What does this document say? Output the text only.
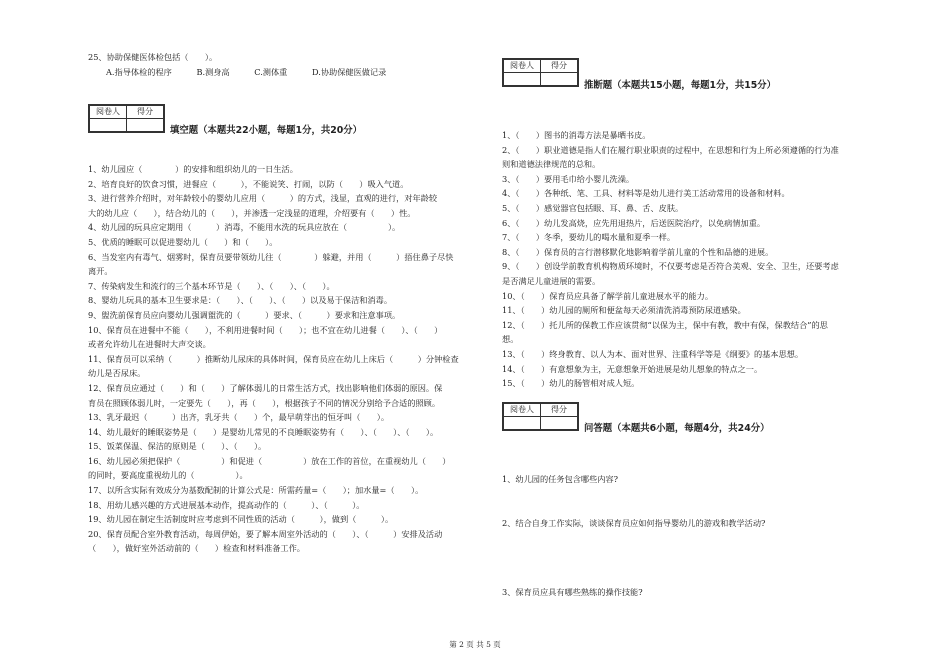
25、协助保健医体检包括（　　）。
A.指导体检的程序	B.测身高	C.测体重	D.协助保健医做记录
阅卷人	得分

填空题（本题共22小题，每题1分，共20分）
1、幼儿园应（　　　　）的安排和组织幼儿的一日生活。
2、培育良好的饮食习惯，进餐应（　　　），不能说笑、打闹，以防（　　）吸入气道。
3、进行营养介绍时，对年龄较小的婴幼儿应用（　　　）的方式，浅显，直观的进行，对年龄较
大的幼儿应（　　），结合幼儿的（　　），并渗透一定浅显的道理，介绍要有（　　）性。
4、幼儿园的玩具应定期用（　　　）消毒，不能用水洗的玩具应放在（　　　　　）。
5、优质的睡眠可以促进婴幼儿（　　）和（　　）。
6、当发室内有毒气、烟雾时，保育员要带领幼儿往（　　　　）躲避，并用（　　　）捂住鼻子尽快
离开。
7、传染病发生和流行的三个基本环节是（　　）、（　　）、（　　）。
8、婴幼儿玩具的基本卫生要求是：（　　）、（　　）、（　　）以及易于保洁和消毒。
9、盥洗前保育员应向婴幼儿强调盥洗的（　　　）要求、（　　　）要求和注意事项。
10、保育员在进餐中不能（　　），不利用进餐时间（　　）；也不宜在幼儿进餐（　　）、（　　）
或者允许幼儿在进餐时大声交谈。
11、保育员可以采纳（　　　）推断幼儿尿床的具体时间，保育员应在幼儿上床后（　　　）分钟检查
幼儿是否尿床。
12、保育员应通过（　　）和（　　）了解体弱儿的日常生活方式，找出影响他们体弱的原因。保
育员在照顾体弱儿时，一定要先（　　），再（　　），根据孩子不同的情况分别给予合适的照顾。
13、乳牙最迟（　　　）出齐，乳牙共（　　）个，最早萌芽出的恒牙叫（　　）。
14、幼儿最好的睡眠姿势是（　　）是婴幼儿常见的不良睡眠姿势有（　　）、（　　）、（　　）。
15、饭菜保温、保洁的原则是（　　）、（　　）。
16、幼儿园必须把保护（　　　　　）和促进（　　　　　）放在工作的首位，在重视幼儿（　　）
的同时，要高度重视幼儿的（　　　　　）。
17、以所含实际有效成分为基数配制的计算公式是：所需药量=（　　）；加水量=（　　）。
18、用幼儿感兴趣的方式进展基本动作，提高动作的（　　　）、（　　　）。
19、幼儿园在制定生活制度时应考虑到不同性质的活动（　　　），做到（　　　）。
20、保育员配合室外教育活动，每周伊始，要了解本周室外活动的（　　）、（　　　）安排及活动
（　　），做好室外活动前的（　　）检查和材料准备工作。
阅卷人	得分

推断题（本题共15小题，每题1分，共15分）
1、（　　）图书的消毒方法是暴晒书皮。
2、（　　）职业道德是指人们在履行职业职责的过程中，在思想和行为上所必须遵循的行为准
则和道德法律规范的总和。
3、（　　）要用毛巾给小婴儿洗澡。
4、（　　）各种纸、笔、工具、材料等是幼儿进行美工活动常用的设备和材料。
5、（　　）感觉器官包括眼、耳、鼻、舌、皮肤。
6、（　　）幼儿发高烧，应先用退热片，后送医院治疗，以免病情加重。
7、（　　）冬季，要幼儿的喝水量和夏季一样。
8、（　　）保育员的言行潜移默化地影响着学前儿童的个性和品德的进展。
9、（　　）创设学前教育机构物质环境时，不仅要考虑是否符合美观、安全、卫生，还要考虑
是否满足儿童进展的需要。
10、（　　）保育员应具备了解学前儿童进展水平的能力。
11、（　　）幼儿园的厕所和便盆每天必须清洗消毒预防尿道感染。
12、（　　）托儿所的保教工作应该贯彻“以保为主，保中有教，教中有保，保教结合”的思
想。
13、（　　）终身教育、以人为本、面对世界、注重科学等是《纲要》的基本思想。
14、（　　）有意想象为主，无意想象开始进展是幼儿想象的特点之一。
15、（　　）幼儿的肠管相对成人短。
阅卷人	得分

问答题（本题共6小题，每题4分，共24分）
1、幼儿园的任务包含哪些内容?
2、结合自身工作实际，谈谈保育员应如何指导婴幼儿的游戏和教学活动?
3、保育员应具有哪些熟练的操作技能?
第 2 页 共 5 页
